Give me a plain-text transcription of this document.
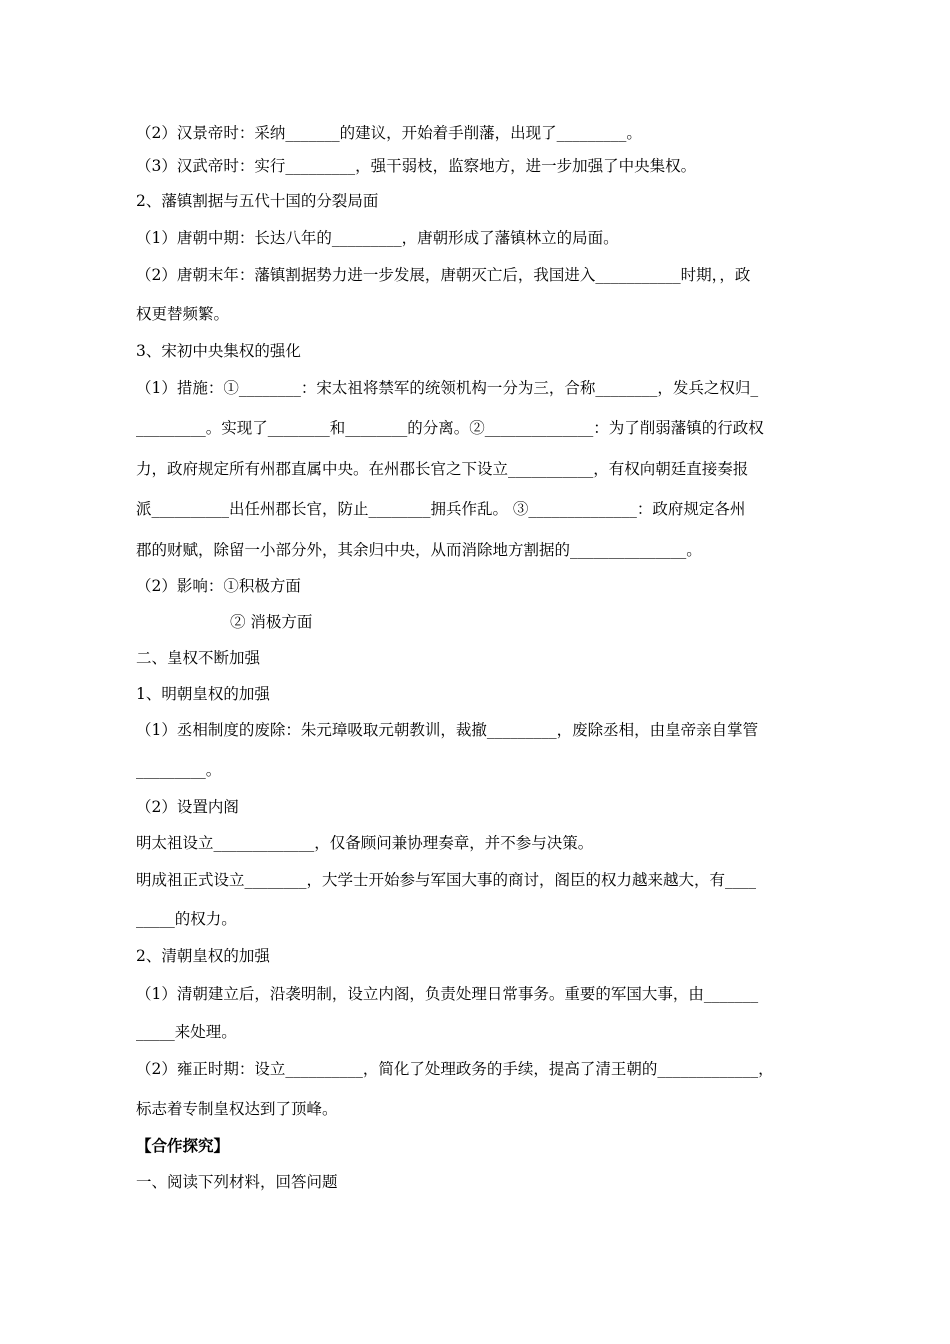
（2）汉景帝时：采纳_______的建议，开始着手削藩，出现了_________。
（3）汉武帝时：实行_________，强干弱枝，监察地方，进一步加强了中央集权。
2、藩镇割据与五代十国的分裂局面
（1）唐朝中期：长达八年的_________，唐朝形成了藩镇林立的局面。
（2）唐朝末年：藩镇割据势力进一步发展，唐朝灭亡后，我国进入___________时期，，政
权更替频繁。
3、宋初中央集权的强化
（1）措施：①________：宋太祖将禁军的统领机构一分为三，合称________，发兵之权归_
_________。实现了________和________的分离。②______________：为了削弱藩镇的行政权
力，政府规定所有州郡直属中央。在州郡长官之下设立___________，有权向朝廷直接奏报
派__________出任州郡长官，防止________拥兵作乱。 ③______________：政府规定各州
郡的财赋，除留一小部分外，其余归中央，从而消除地方割据的_______________。
（2）影响：①积极方面
② 消极方面
二、皇权不断加强
1、明朝皇权的加强
（1）丞相制度的废除：朱元璋吸取元朝教训，裁撤_________，废除丞相，由皇帝亲自掌管
_________。
（2）设置内阁
明太祖设立_____________，仅备顾问兼协理奏章，并不参与决策。
明成祖正式设立________，大学士开始参与军国大事的商讨，阁臣的权力越来越大，有____
_____的权力。
2、清朝皇权的加强
（1）清朝建立后，沿袭明制，设立内阁，负责处理日常事务。重要的军国大事，由_______
_____来处理。
（2）雍正时期：设立__________，简化了处理政务的手续，提高了清王朝的_____________，
标志着专制皇权达到了顶峰。
【合作探究】
一、阅读下列材料，回答问题
